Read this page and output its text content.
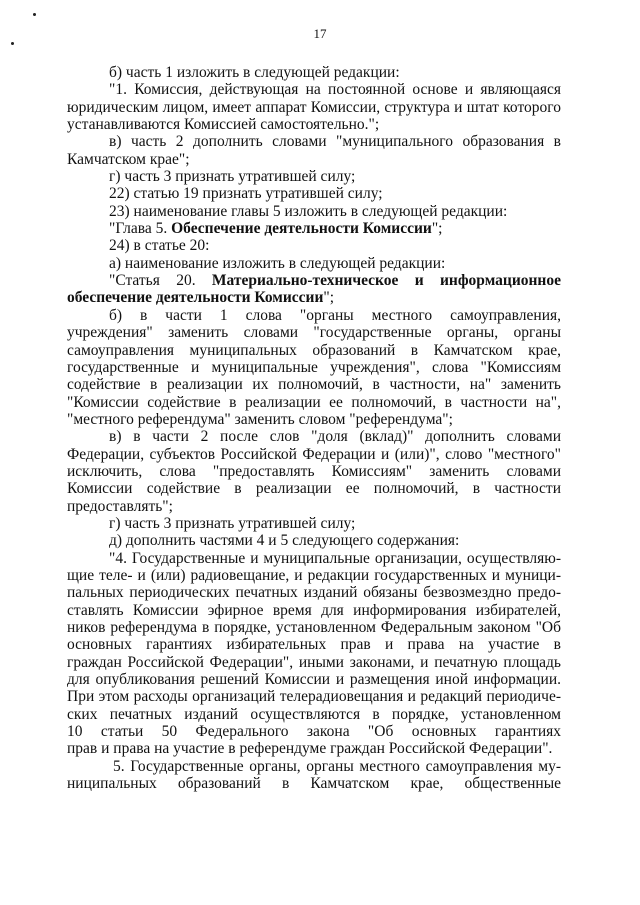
17
б) часть 1 изложить в следующей редакции:
"1. Комиссия, действующая на постоянной основе и являющаяся
юридическим лицом, имеет аппарат Комиссии, структура и штат которого
устанавливаются Комиссией самостоятельно.";
в) часть 2 дополнить словами "муниципального образования в
Камчатском крае";
г) часть 3 признать утратившей силу;
22) статью 19 признать утратившей силу;
23) наименование главы 5 изложить в следующей редакции:
"Глава 5. Обеспечение деятельности Комиссии";
24) в статье 20:
а) наименование изложить в следующей редакции:
"Статья 20. Материально-техническое и информационное
обеспечение деятельности Комиссии";
б) в части 1 слова "органы местного самоуправления,
учреждения" заменить словами "государственные органы, органы
самоуправления муниципальных образований в Камчатском крае,
государственные и муниципальные учреждения", слова "Комиссиям
содействие в реализации их полномочий, в частности, на" заменить
"Комиссии содействие в реализации ее полномочий, в частности на",
"местного референдума" заменить словом "референдума";
в) в части 2 после слов "доля (вклад)" дополнить словами
Федерации, субъектов Российской Федерации и (или)", слово "местного"
исключить, слова "предоставлять Комиссиям" заменить словами
Комиссии содействие в реализации ее полномочий, в частности
предоставлять";
г) часть 3 признать утратившей силу;
д) дополнить частями 4 и 5 следующего содержания:
"4. Государственные и муниципальные организации, осуществляю-
щие теле- и (или) радиовещание, и редакции государственных и муници-
пальных периодических печатных изданий обязаны безвозмездно предо-
ставлять Комиссии эфирное время для информирования избирателей,
ников референдума в порядке, установленном Федеральным законом "Об
основных гарантиях избирательных прав и права на участие в
граждан Российской Федерации", иными законами, и печатную площадь
для опубликования решений Комиссии и размещения иной информации.
При этом расходы организаций телерадиовещания и редакций периодиче-
ских печатных изданий осуществляются в порядке, установленном
10 статьи 50 Федерального закона "Об основных гарантиях
прав и права на участие в референдуме граждан Российской Федерации".
5. Государственные органы, органы местного самоуправления му-
ниципальных образований в Камчатском крае, общественные
